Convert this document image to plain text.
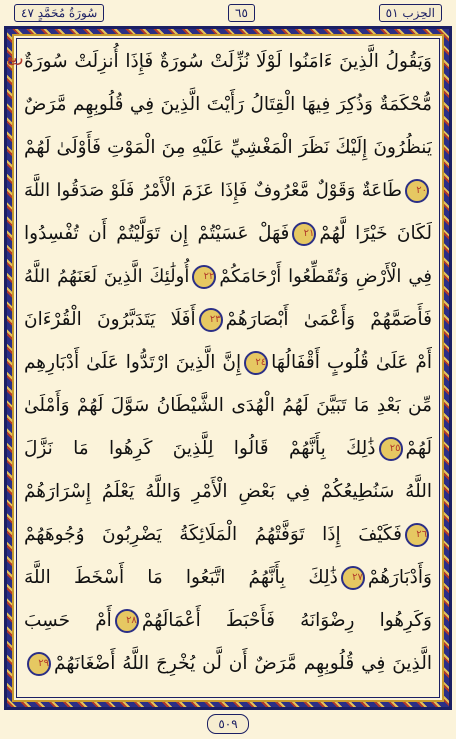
سُورَةُ مُحَمَّدٍ ٤٧	٦٥	الحِزب ٥١
ربع وَيَقُولُ الَّذِينَ ءَامَنُوا لَوْلَا نُزِّلَتْ سُورَةٌ فَإِذَا أُنزِلَتْ سُورَةٌ
مُّحْكَمَةٌ وَذُكِرَ فِيهَا الْقِتَالُ رَأَيْتَ الَّذِينَ فِي قُلُوبِهِم مَّرَضٌ
يَنظُرُونَ إِلَيْكَ نَظَرَ الْمَغْشِيِّ عَلَيْهِ مِنَ الْمَوْتِ فَأَوْلَىٰ لَهُمْ
٢٠طَاعَةٌ وَقَوْلٌ مَّعْرُوفٌ فَإِذَا عَزَمَ الْأَمْرُ فَلَوْ صَدَقُوا اللَّهَ
لَكَانَ خَيْرًا لَّهُمْ٢١فَهَلْ عَسَيْتُمْ إِن تَوَلَّيْتُمْ أَن تُفْسِدُوا
فِي الْأَرْضِ وَتُقَطِّعُوا أَرْحَامَكُمْ٢٢أُولَٰئِكَ الَّذِينَ لَعَنَهُمُ اللَّهُ
فَأَصَمَّهُمْ وَأَعْمَىٰ أَبْصَارَهُمْ٢٣أَفَلَا يَتَدَبَّرُونَ الْقُرْءَانَ
أَمْ عَلَىٰ قُلُوبٍ أَقْفَالُهَا٢٤إِنَّ الَّذِينَ ارْتَدُّوا عَلَىٰ أَدْبَارِهِم
مِّن بَعْدِ مَا تَبَيَّنَ لَهُمُ الْهُدَى الشَّيْطَانُ سَوَّلَ لَهُمْ وَأَمْلَىٰ
لَهُمْ٢٥ذَٰلِكَ بِأَنَّهُمْ قَالُوا لِلَّذِينَ كَرِهُوا مَا نَزَّلَ
اللَّهُ سَنُطِيعُكُمْ فِي بَعْضِ الْأَمْرِ وَاللَّهُ يَعْلَمُ إِسْرَارَهُمْ
٢٦فَكَيْفَ إِذَا تَوَفَّتْهُمُ الْمَلَائِكَةُ يَضْرِبُونَ وُجُوهَهُمْ
وَأَدْبَارَهُمْ٢٧ذَٰلِكَ بِأَنَّهُمُ اتَّبَعُوا مَا أَسْخَطَ اللَّهَ
وَكَرِهُوا رِضْوَانَهُ فَأَحْبَطَ أَعْمَالَهُمْ٢٨أَمْ حَسِبَ
الَّذِينَ فِي قُلُوبِهِم مَّرَضٌ أَن لَّن يُخْرِجَ اللَّهُ أَضْغَانَهُمْ٢٩
٥٠٩
